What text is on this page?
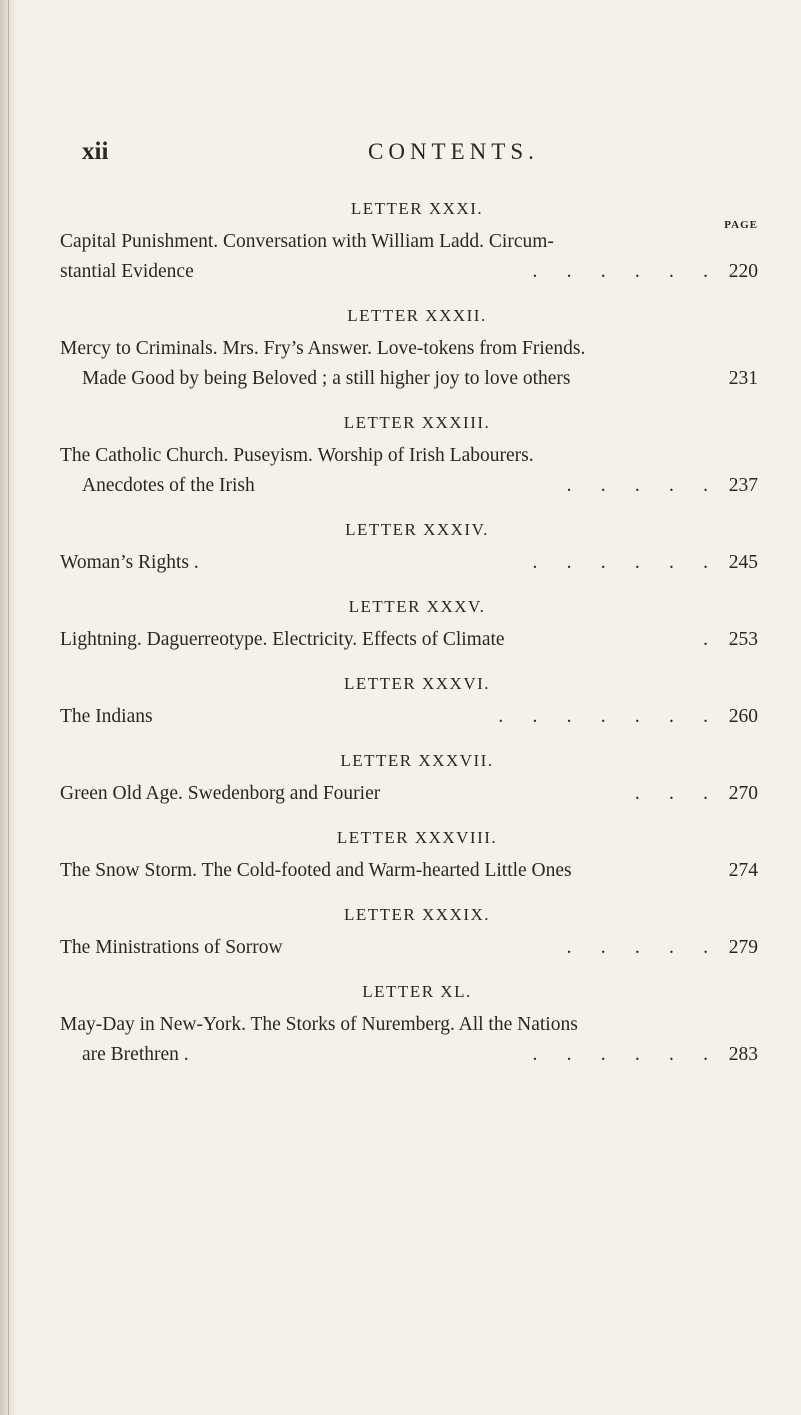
xii	CONTENTS.
PAGE
LETTER XXXI.
Capital Punishment. Conversation with William Ladd. Circum-
.  .  .  .  .  .
stantial Evidence	220
LETTER XXXII.
Mercy to Criminals. Mrs. Fry’s Answer. Love-tokens from Friends.
Made Good by being Beloved ; a still higher joy to love others	231
LETTER XXXIII.
The Catholic Church. Puseyism. Worship of Irish Labourers.
.  .  .  .  .
Anecdotes of the Irish	237
LETTER XXXIV.
.  .  .  .  .  .
Woman’s Rights .	245
LETTER XXXV.
.
Lightning. Daguerreotype. Electricity. Effects of Climate	253
LETTER XXXVI.
.  .  .  .  .  .  .
The Indians	260
LETTER XXXVII.
.  .  .
Green Old Age. Swedenborg and Fourier	270
LETTER XXXVIII.
The Snow Storm. The Cold-footed and Warm-hearted Little Ones	274
LETTER XXXIX.
.  .  .  .  .
The Ministrations of Sorrow	279
LETTER XL.
May-Day in New-York. The Storks of Nuremberg. All the Nations
.  .  .  .  .  .
are Brethren .	283
